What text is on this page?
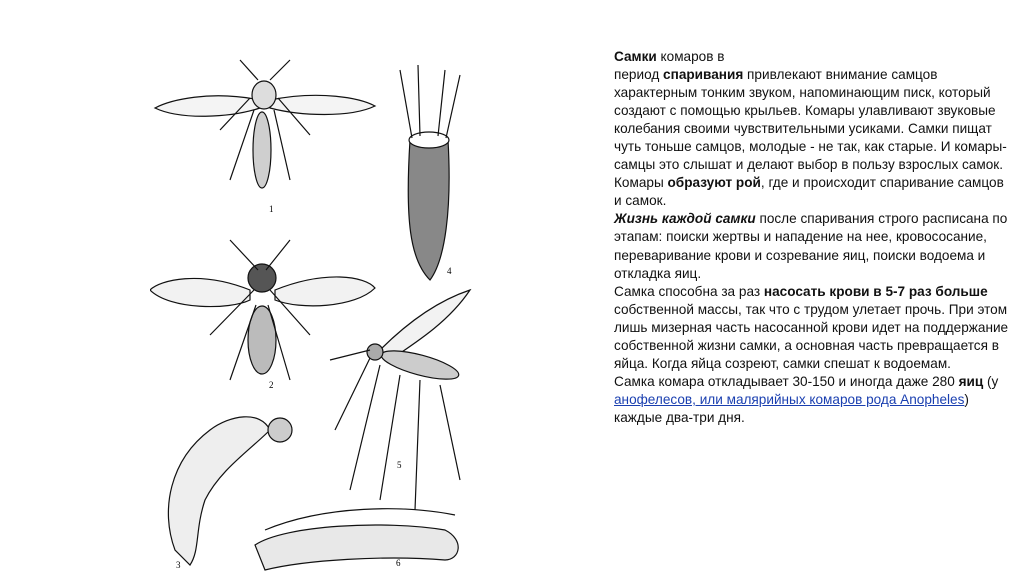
1
2
3
4
5
6

Самки комаров в
период спаривания привлекают внимание самцов характерным тонким звуком, напоминающим писк, который создают с помощью крыльев. Комары улавливают звуковые колебания своими чувствительными усиками. Самки пищат чуть тоньше самцов, молодые - не так, как старые. И комары-самцы это слышат и делают выбор в пользу взрослых самок. Комары образуют рой, где и происходит спаривание самцов и самок.

Жизнь каждой самки после спаривания строго расписана по этапам: поиски жертвы и нападение на нее, кровососание, переваривание крови и созревание яиц, поиски водоема и откладка яиц.

Самка способна за раз насосать крови в 5-7 раз больше собственной массы, так что с трудом улетает прочь. При этом лишь мизерная часть насосанной крови идет на поддержание собственной жизни самки, а основная часть превращается в яйца. Когда яйца созреют, самки спешат к водоемам.

Самка комара откладывает 30-150 и иногда даже 280 яиц (у
анофелесов, или малярийных комаров рода Anopheles) каждые два-три дня.
